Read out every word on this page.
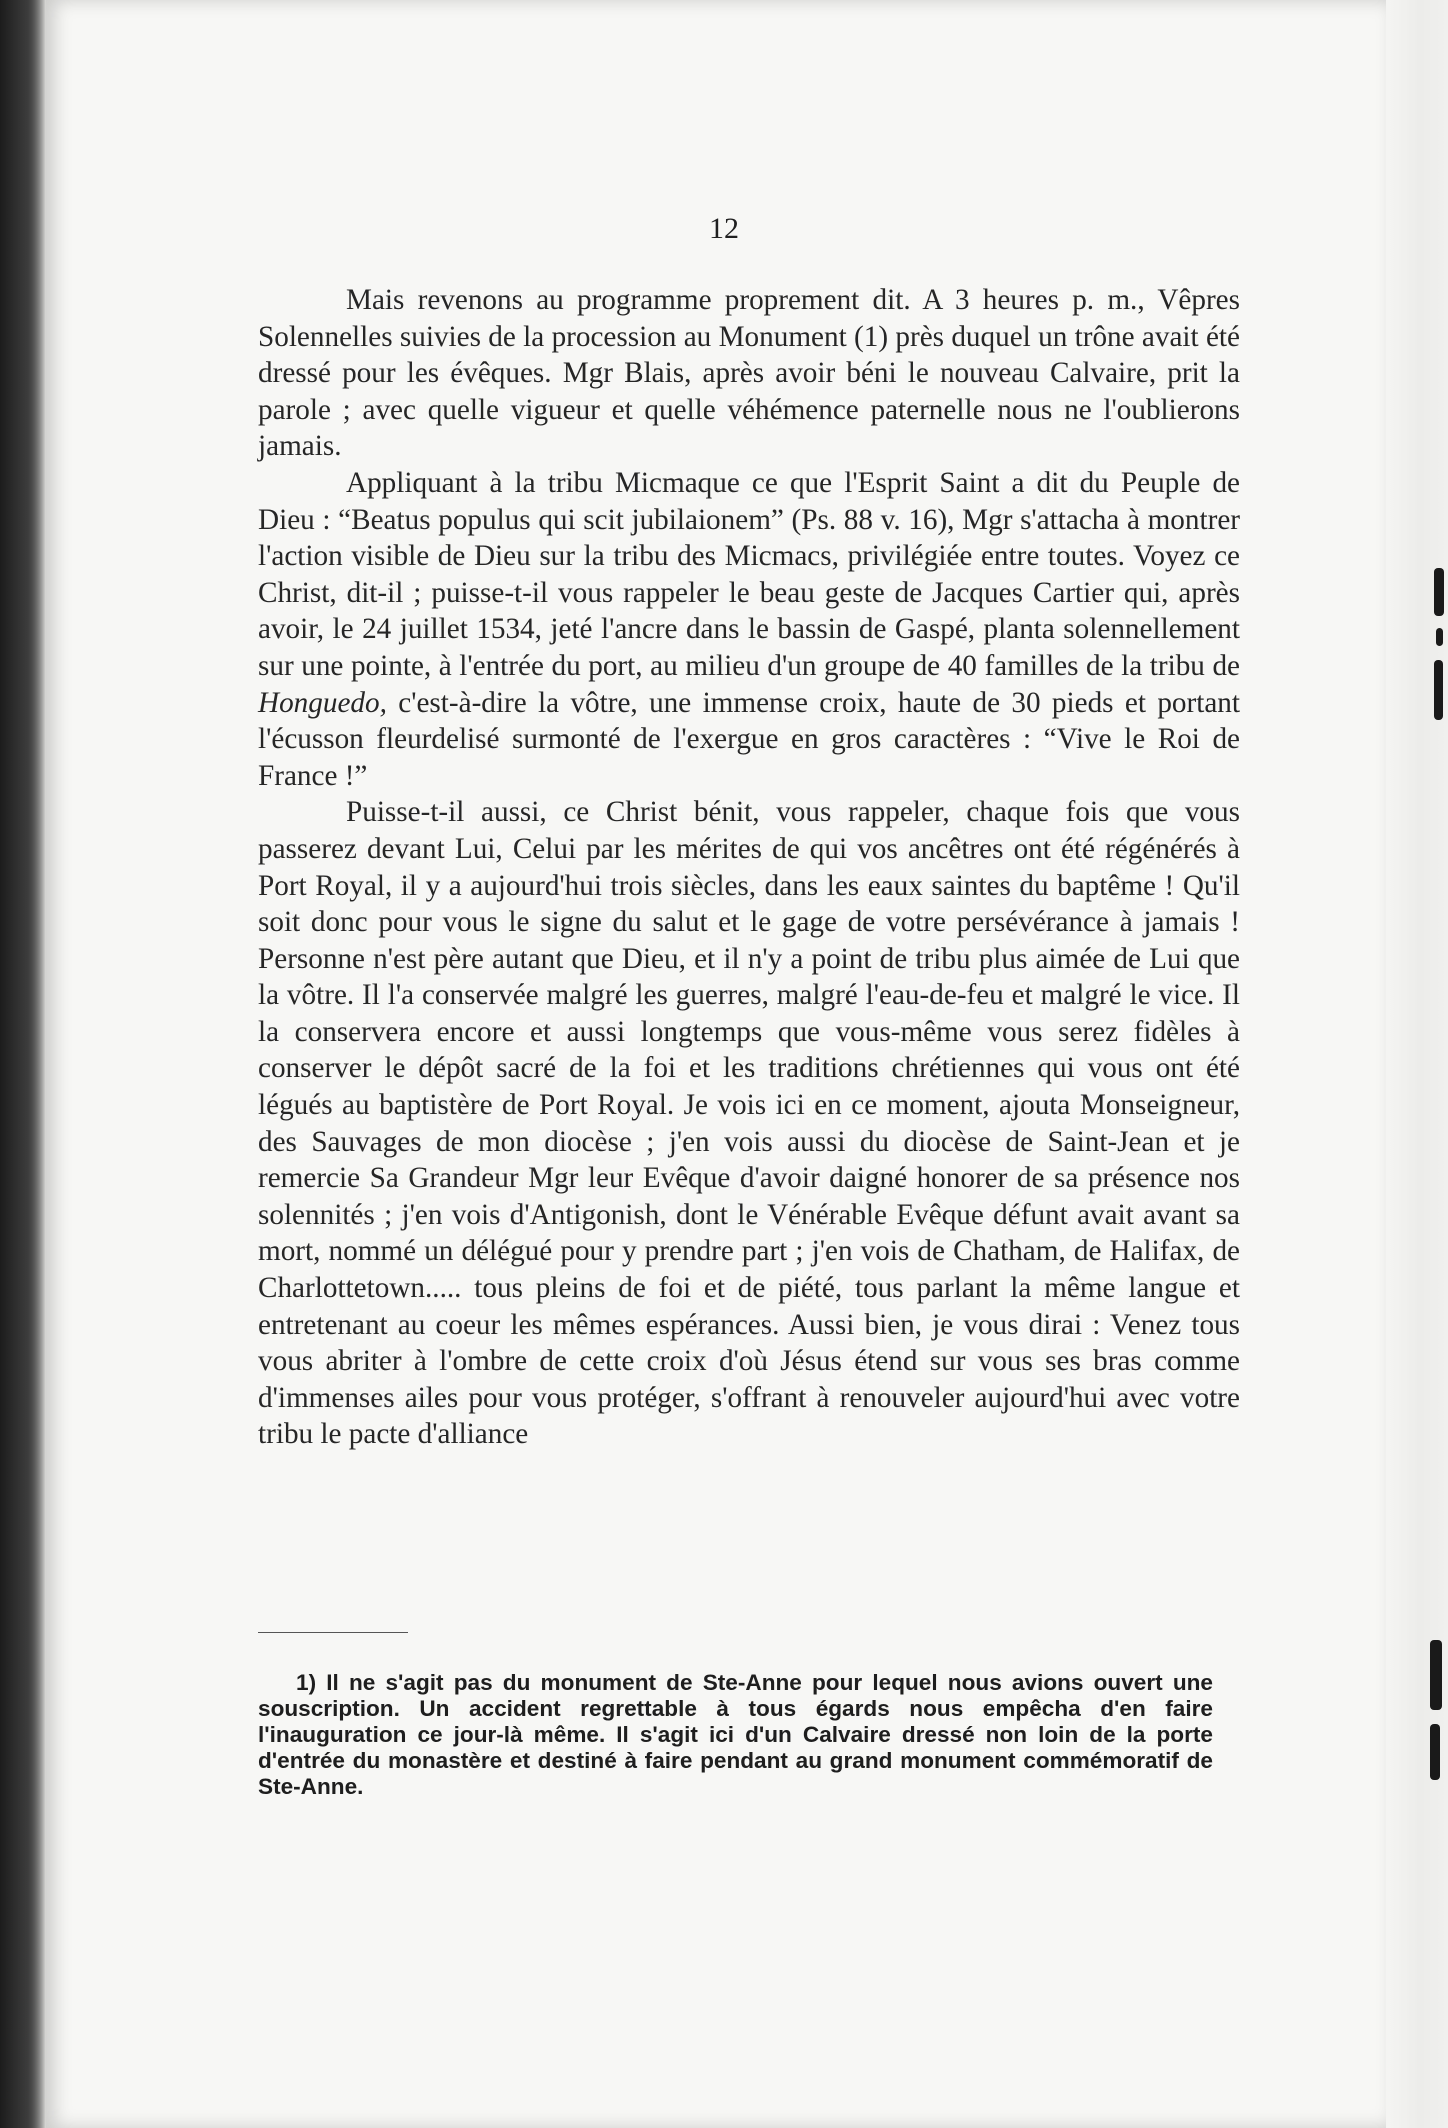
12

Mais revenons au programme proprement dit. A 3 heures p. m., Vêpres Solennelles suivies de la procession au Monument (1) près duquel un trône avait été dressé pour les évêques. Mgr Blais, après avoir béni le nouveau Calvaire, prit la parole ; avec quelle vigueur et quelle véhémence paternelle nous ne l'oublierons jamais.

Appliquant à la tribu Micmaque ce que l'Esprit Saint a dit du Peuple de Dieu : “Beatus populus qui scit jubilaionem” (Ps. 88 v. 16), Mgr s'attacha à montrer l'action visible de Dieu sur la tribu des Micmacs, privilégiée entre toutes. Voyez ce Christ, dit-il ; puisse-t-il vous rappeler le beau geste de Jacques Cartier qui, après avoir, le 24 juillet 1534, jeté l'ancre dans le bassin de Gaspé, planta solennellement sur une pointe, à l'entrée du port, au milieu d'un groupe de 40 familles de la tribu de Honguedo, c'est-à-dire la vôtre, une immense croix, haute de 30 pieds et portant l'écusson fleurdelisé surmonté de l'exergue en gros caractères : “Vive le Roi de France !”

Puisse-t-il aussi, ce Christ bénit, vous rappeler, chaque fois que vous passerez devant Lui, Celui par les mérites de qui vos ancêtres ont été régénérés à Port Royal, il y a aujourd'hui trois siècles, dans les eaux saintes du baptême ! Qu'il soit donc pour vous le signe du salut et le gage de votre persévérance à jamais ! Personne n'est père autant que Dieu, et il n'y a point de tribu plus aimée de Lui que la vôtre. Il l'a conservée malgré les guerres, malgré l'eau-de-feu et malgré le vice. Il la conservera encore et aussi longtemps que vous-même vous serez fidèles à conserver le dépôt sacré de la foi et les traditions chrétiennes qui vous ont été légués au baptistère de Port Royal. Je vois ici en ce moment, ajouta Monseigneur, des Sauvages de mon diocèse ; j'en vois aussi du diocèse de Saint-Jean et je remercie Sa Grandeur Mgr leur Evêque d'avoir daigné honorer de sa présence nos solennités ; j'en vois d'Antigonish, dont le Vénérable Evêque défunt avait avant sa mort, nommé un délégué pour y prendre part ; j'en vois de Chatham, de Halifax, de Charlottetown..... tous pleins de foi et de piété, tous parlant la même langue et entretenant au coeur les mêmes espérances. Aussi bien, je vous dirai : Venez tous vous abriter à l'ombre de cette croix d'où Jésus étend sur vous ses bras comme d'immenses ailes pour vous protéger, s'offrant à renouveler aujourd'hui avec votre tribu le pacte d'alliance

1) Il ne s'agit pas du monument de Ste-Anne pour lequel nous avions ouvert une souscription. Un accident regrettable à tous égards nous empêcha d'en faire l'inauguration ce jour-là même. Il s'agit ici d'un Calvaire dressé non loin de la porte d'entrée du monastère et destiné à faire pendant au grand monument commémoratif de Ste-Anne.
